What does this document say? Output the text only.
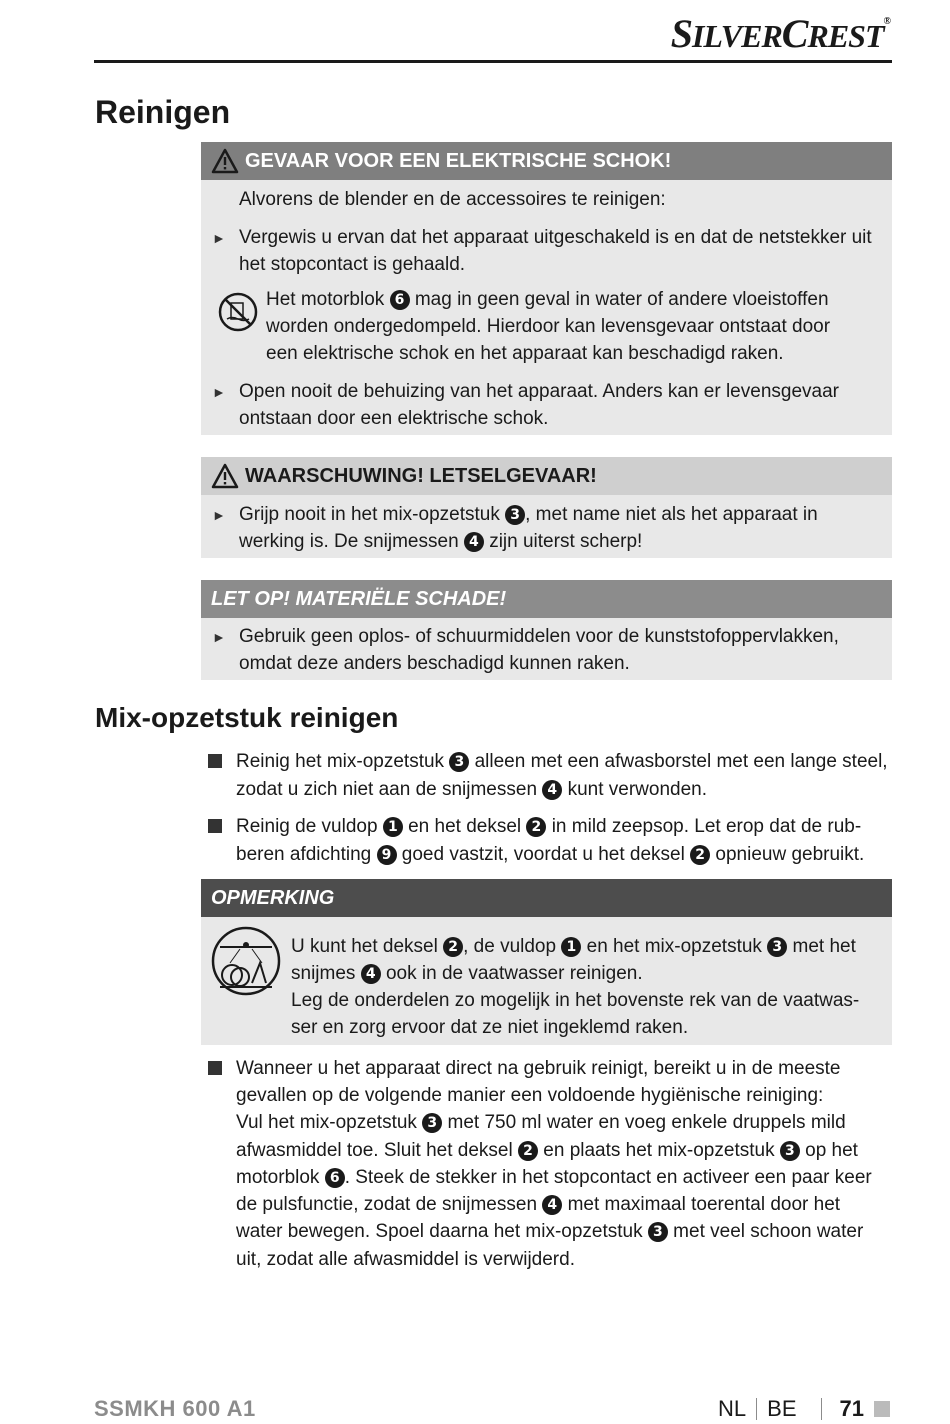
SILVERCREST®
Reinigen
GEVAAR VOOR EEN ELEKTRISCHE SCHOK!
Alvorens de blender en de accessoires te reinigen:
► Vergewis u ervan dat het apparaat uitgeschakeld is en dat de netstekker uit
het stopcontact is gehaald.
Het motorblok 6 mag in geen geval in water of andere vloeistoffen
worden ondergedompeld. Hierdoor kan levensgevaar ontstaat door
een elektrische schok en het apparaat kan beschadigd raken.
► Open nooit de behuizing van het apparaat. Anders kan er levensgevaar
ontstaan door een elektrische schok.
WAARSCHUWING! LETSELGEVAAR!
► Grijp nooit in het mix-opzetstuk 3 , met name niet als het apparaat in
werking is. De snijmessen 4 zijn uiterst scherp!
LET OP! MATERIËLE SCHADE!
► Gebruik geen oplos- of schuurmiddelen voor de kunststofoppervlakken,
omdat deze anders beschadigd kunnen raken.
Mix-opzetstuk reinigen
Reinig het mix-opzetstuk 3 alleen met een afwasborstel met een lange steel,
zodat u zich niet aan de snijmessen 4 kunt verwonden.
Reinig de vuldop 1 en het deksel 2 in mild zeepsop. Let erop dat de rub-
beren afdichting 9 goed vastzit, voordat u het deksel 2 opnieuw gebruikt.
OPMERKING
U kunt het deksel 2 , de vuldop 1 en het mix-opzetstuk 3 met het
snijmes 4 ook in de vaatwasser reinigen.
Leg de onderdelen zo mogelijk in het bovenste rek van de vaatwas-
ser en zorg ervoor dat ze niet ingeklemd raken.
Wanneer u het apparaat direct na gebruik reinigt, bereikt u in de meeste
gevallen op de volgende manier een voldoende hygiënische reiniging:
Vul het mix-opzetstuk 3 met 750 ml water en voeg enkele druppels mild
afwasmiddel toe. Sluit het deksel 2 en plaats het mix-opzetstuk 3 op het
motorblok 6 . Steek de stekker in het stopcontact en activeer een paar keer
de pulsfunctie, zodat de snijmessen 4 met maximaal toerental door het
water bewegen. Spoel daarna het mix-opzetstuk 3 met veel schoon water
uit, zodat alle afwasmiddel is verwijderd.
SSMKH 600 A1	NL BE 71
